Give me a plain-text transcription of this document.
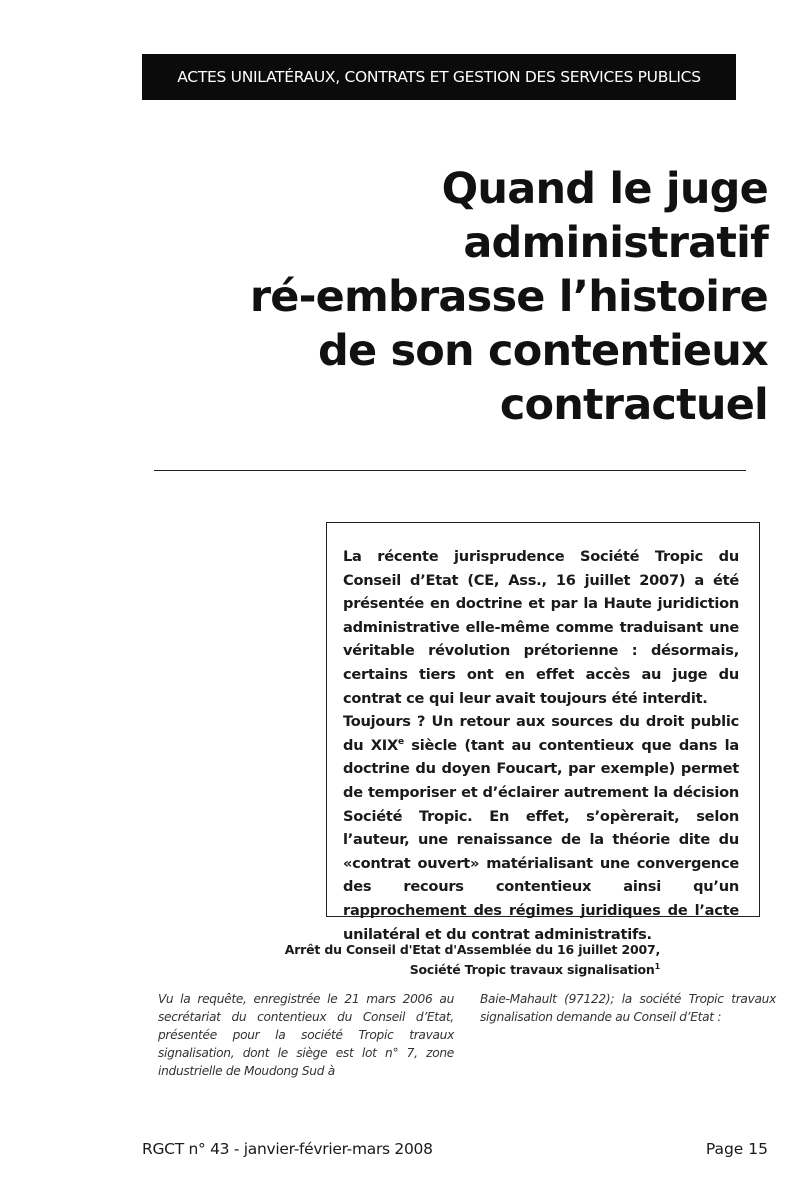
ACTES UNILATÉRAUX, CONTRATS ET GESTION DES SERVICES PUBLICS
Quand le juge
administratif
ré-embrasse l’histoire
de son contentieux
contractuel

La récente jurisprudence Société Tropic du Conseil d’Etat (CE, Ass., 16 juillet 2007) a été présentée en doctrine et par la Haute juridiction administrative elle-même comme traduisant une véritable révolution prétorienne : désormais, certains tiers ont en effet accès au juge du contrat ce qui leur avait toujours été interdit.

Toujours ? Un retour aux sources du droit public du XIXe siècle (tant au contentieux que dans la doctrine du doyen Foucart, par exemple) permet de temporiser et d’éclairer autrement la décision Société Tropic. En effet, s’opèrerait, selon l’auteur, une renaissance de la théorie dite du «contrat ouvert» matérialisant une convergence des recours contentieux ainsi qu’un rapprochement des régimes juridiques de l’acte unilatéral et du contrat administratifs.

Arrêt du Conseil d'Etat d'Assemblée du 16 juillet 2007,
Société Tropic travaux signalisation$^1$
Vu la requête, enregistrée le 21 mars 2006 au secrétariat du contentieux du Conseil d’Etat, présentée pour la société Tropic travaux signalisation, dont le siège est lot n° 7, zone industrielle de Moudong Sud à
Baie-Mahault (97122); la société Tropic travaux signalisation demande au Conseil d’Etat :
RGCT n° 43 - janvier-février-mars 2008	Page 15
